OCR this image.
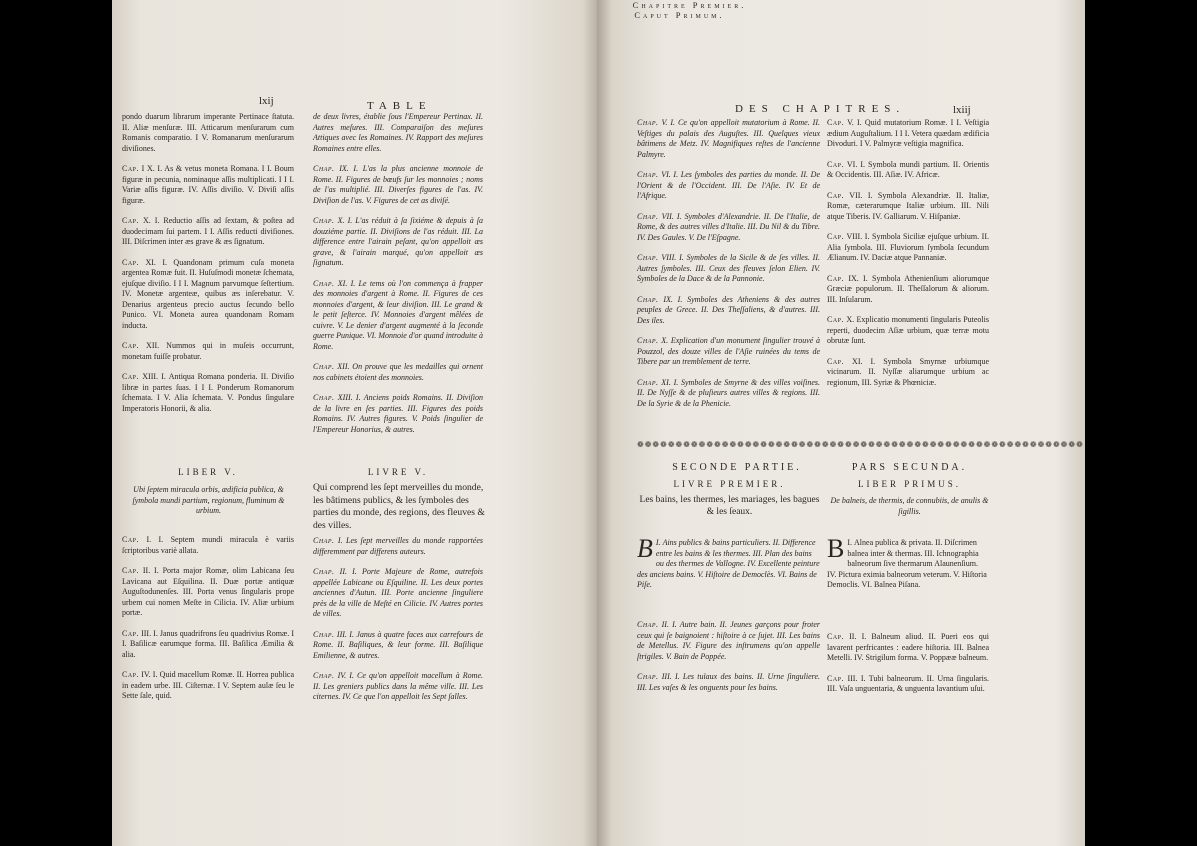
lxij	TABLE
pondo duarum librarum imperante Pertinace ſtatuta. II. Aliæ menſuræ. III. Atticarum menſurarum cum Romanis comparatio. I V. Romanarum menſurarum diviſiones.
Cap. I X. I. As & vetus moneta Romana. I I. Boum figuræ in pecunia, nominaque aſſis multiplicati. I I I. Variæ aſſis figuræ. IV. Aſſis diviſio. V. Diviſi aſſis figuræ.
Cap. X. I. Reductio aſſis ad ſextam, & poſtea ad duodecimam ſui partem. I I. Aſſis reducti diviſiones. III. Diſcrimen inter æs grave & æs ſignatum.
Cap. XI. I. Quandonam primum cuſa moneta argentea Romæ fuit. II. Huſuſmodi monetæ ſchemata, ejuſque diviſio. I I I. Magnum parvumque ſeſtertium. IV. Monetæ argenteæ, quibus æs inſerebatur. V. Denarius argenteus precio auctus ſecundo bello Punico. VI. Moneta aurea quandonam Romam inducta.
Cap. XII. Nummos qui in muſeis occurrunt, monetam fuiſſe probatur.
Cap. XIII. I. Antiqua Romana ponderia. II. Diviſio libræ in partes ſuas. I I I. Ponderum Romanorum ſchemata. I V. Alia ſchemata. V. Pondus ſingulare Imperatoris Honorii, & alia.
de deux livres, établie ſous l'Empereur Pertinax. II. Autres meſures. III. Comparaiſon des meſures Attiques avec les Romaines. IV. Rapport des meſures Romaines entre elles.
Chap. IX. I. L'as la plus ancienne monnoie de Rome. II. Figures de bœufs ſur les monnoies ; noms de l'as multiplié. III. Diverſes figures de l'as. IV. Diviſion de l'as. V. Figures de cet as diviſé.
Chap. X. I. L'as réduit à ſa ſixiéme & depuis à ſa douziéme partie. II. Diviſions de l'as réduit. III. La difference entre l'airain peſant, qu'on appelloit æs grave, & l'airain marqué, qu'on appelloit æs ſignatum.
Chap. XI. I. Le tems où l'on commença à frapper des monnoies d'argent à Rome. II. Figures de ces monnoies d'argent, & leur diviſion. III. Le grand & le petit ſeſterce. IV. Monnoies d'argent mêlées de cuivre. V. Le denier d'argent augmenté à la ſeconde guerre Punique. VI. Monnoie d'or quand introduite à Rome.
Chap. XII. On prouve que les medailles qui ornent nos cabinets étoient des monnoies.
Chap. XIII. I. Anciens poids Romains. II. Diviſion de la livre en ſes parties. III. Figures des poids Romains. IV. Autres figures. V. Poids ſingulier de l'Empereur Honorius, & autres.
LIBER V.	LIVRE V.
Ubi ſeptem miracula orbis, ædificia publica, & ſymbola mundi partium, regionum, fluminum & urbium.
Qui comprend les ſept merveilles du monde, les bâtimens publics, & les ſymboles des parties du monde, des regions, des fleuves & des villes.
Cap. I. I. Septem mundi miracula è variis ſcriptoribus variè allata.
Cap. II. I. Porta major Romæ, olim Labicana ſeu Lavicana aut Eſquilina. II. Duæ portæ antiquæ Auguſtodunenſes. III. Porta venus ſingularis prope urbem cui nomen Meſte in Cilicia. IV. Aliæ urbium portæ.
Cap. III. I. Janus quadrifrons ſeu quadrivius Romæ. I I. Baſilicæ earumque forma. III. Baſilica Æmilia & alia.
Cap. IV. I. Quid macellum Romæ. II. Horrea publica in eadem urbe. III. Ciſternæ. I V. Septem aulæ ſeu le Sette ſale, quid.
Chap. I. Les ſept merveilles du monde rapportées differemment par differens auteurs.
Chap. II. I. Porte Majeure de Rome, autrefois appellée Labicane ou Eſquiline. II. Les deux portes anciennes d'Autun. III. Porte ancienne ſinguliere près de la ville de Meſté en Cilicie. IV. Autres portes de villes.
Chap. III. I. Janus à quatre faces aux carrefours de Rome. II. Baſiliques, & leur forme. III. Baſilique Emilienne, & autres.
Chap. IV. I. Ce qu'on appelloit macellum à Rome. II. Les greniers publics dans la même ville. III. Les citernes. IV. Ce que l'on appelloit les Sept ſalles.
DES CHAPITRES.	lxiij
Chap. V. I. Ce qu'on appelloit mutatorium à Rome. II. Veſtiges du palais des Auguſtes. III. Quelques vieux bâtimens de Metz. IV. Magnifiques reſtes de l'ancienne Palmyre.
Chap. VI. I. Les ſymboles des parties du monde. II. De l'Orient & de l'Occident. III. De l'Aſie. IV. Et de l'Afrique.
Chap. VII. I. Symboles d'Alexandrie. II. De l'Italie, de Rome, & des autres villes d'Italie. III. Du Nil & du Tibre. IV. Des Gaules. V. De l'Eſpagne.
Chap. VIII. I. Symboles de la Sicile & de ſes villes. II. Autres ſymboles. III. Ceux des fleuves ſelon Elien. IV. Symboles de la Dace & de la Pannonie.
Chap. IX. I. Symboles des Atheniens & des autres peuples de Grece. II. Des Theſſaliens, & d'autres. III. Des iles.
Chap. X. Explication d'un monument ſingulier trouvé à Pouzzol, des douze villes de l'Aſie ruinées du tems de Tibere par un tremblement de terre.
Chap. XI. I. Symboles de Smyrne & des villes voiſines. II. De Nyſſe & de pluſieurs autres villes & regions. III. De la Syrie & de la Phenicie.
Cap. V. I. Quid mutatorium Romæ. I I. Veſtigia ædium Auguſtalium. I I I. Vetera quædam ædificia Divoduri. I V. Palmyræ veſtigia magnifica.
Cap. VI. I. Symbola mundi partium. II. Orientis & Occidentis. III. Aſiæ. IV. Africæ.
Cap. VII. I. Symbola Alexandriæ. II. Italiæ, Romæ, cæterarumque Italiæ urbium. III. Nili atque Tiberis. IV. Galliarum. V. Hiſpaniæ.
Cap. VIII. I. Symbola Siciliæ ejuſque urbium. II. Alia ſymbola. III. Fluviorum ſymbola ſecundum Ælianum. IV. Daciæ atque Pannaniæ.
Cap. IX. I. Symbola Athenienſium aliorumque Græciæ populorum. II. Theſſalorum & aliorum. III. Inſularum.
Cap. X. Explicatio monumenti ſingularis Puteolis reperti, duodecim Aſiæ urbium, quæ terræ motu obrutæ ſunt.
Cap. XI. I. Symbola Smyrnæ urbiumque vicinarum. II. Nyſſæ aliarumque urbium ac regionum, III. Syriæ & Phœniciæ.
❁❁❁❁❁❁❁❁❁❁❁❁❁❁❁❁❁❁❁❁❁❁❁❁❁❁❁❁❁❁❁❁❁❁❁❁❁❁❁❁❁❁❁❁❁❁❁❁❁❁❁❁❁❁❁❁❁❁
SECONDE PARTIE.	PARS SECUNDA.
LIVRE PREMIER.	LIBER PRIMUS.
Les bains, les thermes, les mariages, les bagues & les ſeaux.
De balneis, de thermis, de connubiis, de anulis & ſigillis.
Chapitre Premier.
Caput Primum.
I.
B Ains publics & bains particuliers. II. Difference entre les bains & les thermes. III. Plan des bains ou des thermes de Vallogne. IV. Excellente peinture des anciens bains. V. Hiſtoire de Democlès. VI. Bains de Piſe.
I.
B Alnea publica & privata. II. Diſcrimen balnea inter & thermas. III. Ichnographia balneorum ſive thermarum Alaunenſium. IV. Pictura eximia balneorum veterum. V. Hiſtoria Democlis. VI. Balnea Piſana.
Chap. II. I. Autre bain. II. Jeunes garçons pour froter ceux qui ſe baignoient : hiſtoire à ce ſujet. III. Les bains de Metellus. IV. Figure des inſtrumens qu'on appelle ſtrigiles. V. Bain de Poppée.
Chap. III. I. Les tuïaux des bains. II. Urne ſinguliere. III. Les vaſes & les onguents pour les bains.
Cap. II. I. Balneum aliud. II. Pueri eos qui lavarent perfricantes : eadere hiſtoria. III. Balnea Metelli. IV. Strigilum forma. V. Poppææ balneum.
Cap. III. I. Tubi balneorum. II. Urna ſingularis. III. Vaſa unguentaria, & unguenta lavantium uſui.
